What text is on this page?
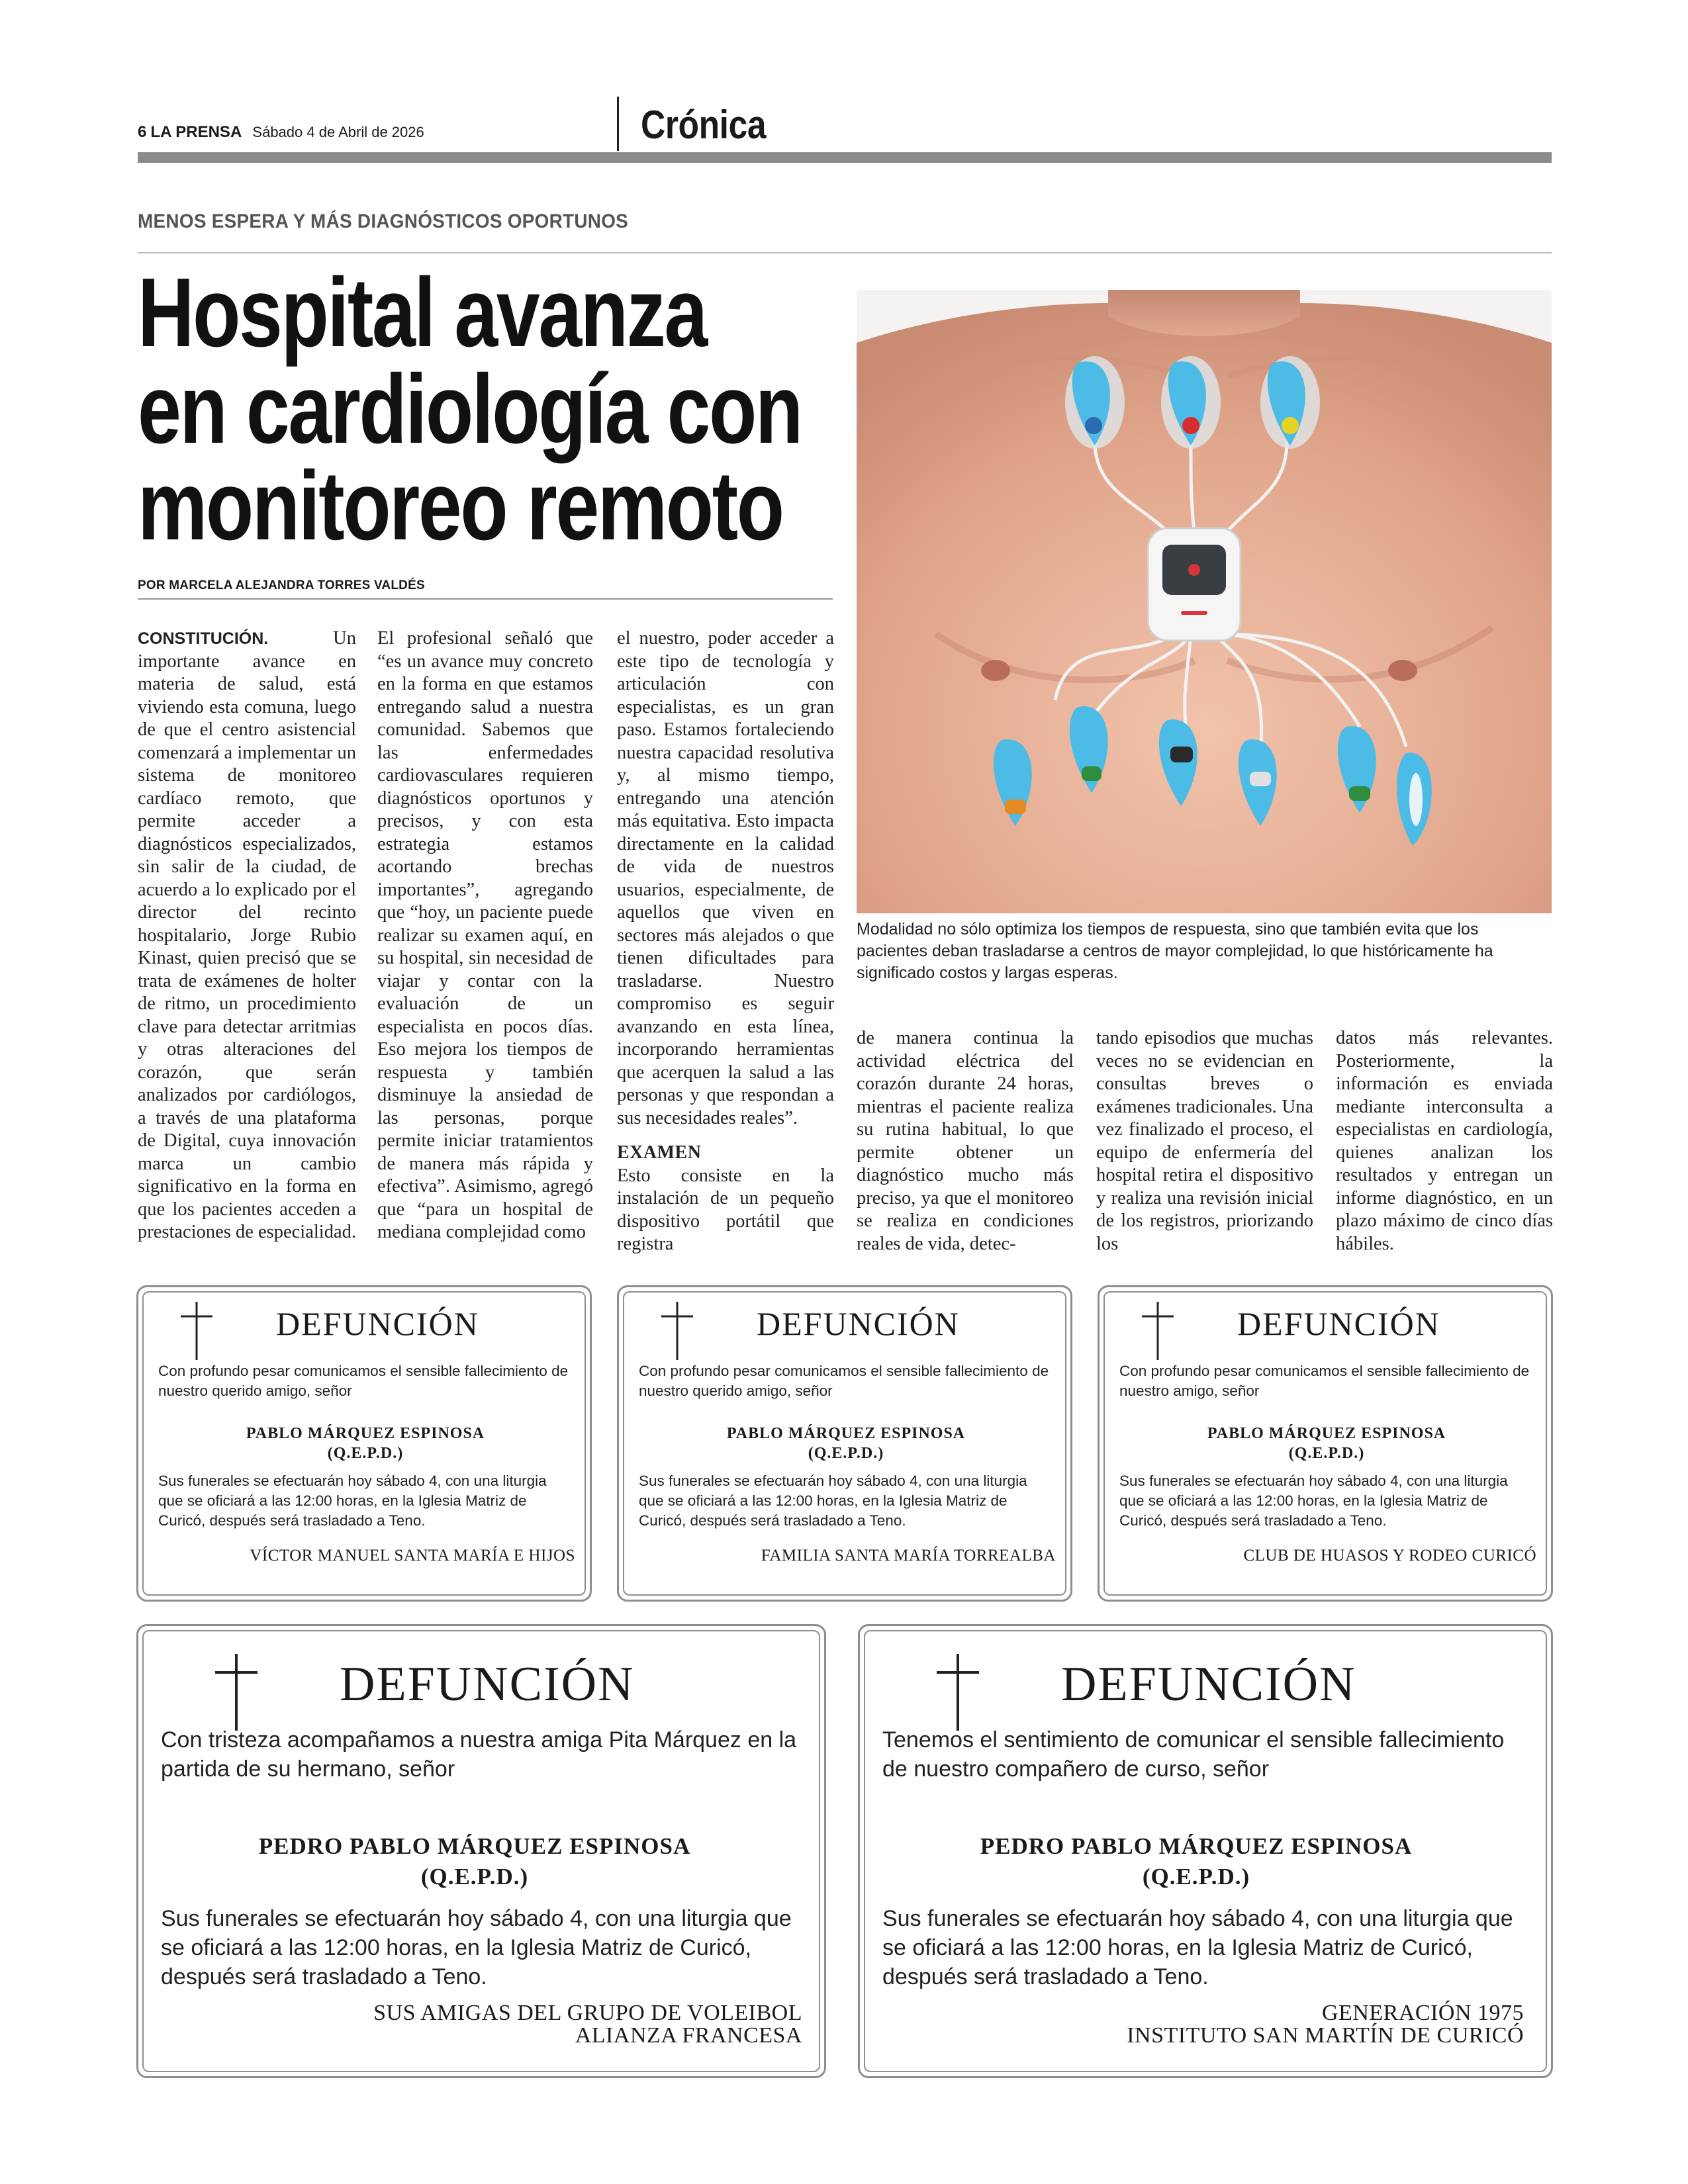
6 LA PRENSA Sábado 4 de Abril de 2026	Crónica
MENOS ESPERA Y MÁS DIAGNÓSTICOS OPORTUNOS
Hospital avanza
en cardiología con
monitoreo remoto
POR MARCELA ALEJANDRA TORRES VALDÉS

CONSTITUCIÓN.	Un importante avance en materia de salud, está viviendo esta comuna, luego de que el centro asistencial comenzará a implementar un sistema de monitoreo cardíaco remoto, que permite acceder a diagnósticos especializados, sin salir de la ciudad, de acuerdo a lo explicado por el director del recinto hospitalario, Jorge Rubio Kinast, quien precisó que se trata de exámenes de holter de ritmo, un procedimiento clave para detectar arritmias y otras alteraciones del corazón, que serán analizados por cardiólogos, a través de una plataforma de Digital, cuya innovación marca un cambio significativo en la forma en que los pacientes acceden a prestaciones de especialidad.

El profesional señaló que “es un avance muy concreto en la forma en que estamos entregando salud a nuestra comunidad. Sabemos que las enfermedades cardiovasculares requieren diagnósticos oportunos y precisos, y con esta estrategia estamos acortando brechas importantes”, agregando que “hoy, un paciente puede realizar su examen aquí, en su hospital, sin necesidad de viajar y contar con la evaluación de un especialista en pocos días. Eso mejora los tiempos de respuesta y también disminuye la ansiedad de las personas, porque permite iniciar tratamientos de manera más rápida y efectiva”. Asimismo, agregó que “para un hospital de mediana complejidad como

el nuestro, poder acceder a este tipo de tecnología y articulación con especialistas, es un gran paso. Estamos fortaleciendo nuestra capacidad resolutiva y, al mismo tiempo, entregando una atención más equitativa. Esto impacta directamente en la calidad de vida de nuestros usuarios, especialmente, de aquellos que viven en sectores más alejados o que tienen dificultades para trasladarse. Nuestro compromiso es seguir avanzando en esta línea, incorporando herramientas que acerquen la salud a las personas y que respondan a sus necesidades reales”.

EXAMEN

Esto consiste en la instalación de un pequeño dispositivo portátil que registra

de manera continua la actividad eléctrica del corazón durante 24 horas, mientras el paciente realiza su rutina habitual, lo que permite obtener un diagnóstico mucho más preciso, ya que el monitoreo se realiza en condiciones reales de vida, detec-

tando episodios que muchas veces no se evidencian en consultas breves o exámenes tradicionales. Una vez finalizado el proceso, el equipo de enfermería del hospital retira el dispositivo y realiza una revisión inicial de los registros, priorizando los

datos más relevantes. Posteriormente, la información es enviada mediante interconsulta a especialistas en cardiología, quienes analizan los resultados y entregan un informe diagnóstico, en un plazo máximo de cinco días hábiles.

Modalidad no sólo optimiza los tiempos de respuesta, sino que también evita que los pacientes deban trasladarse a centros de mayor complejidad, lo que históricamente ha significado costos y largas esperas.
DEFUNCIÓN
Con profundo pesar comunicamos el sensible fallecimiento de nuestro querido amigo, señor
PABLO MÁRQUEZ ESPINOSA
(Q.E.P.D.)
Sus funerales se efectuarán hoy sábado 4, con una liturgia que se oficiará a las 12:00 horas, en la Iglesia Matriz de Curicó, después será trasladado a Teno.
VÍCTOR MANUEL SANTA MARÍA E HIJOS
DEFUNCIÓN
Con profundo pesar comunicamos el sensible fallecimiento de nuestro querido amigo, señor
PABLO MÁRQUEZ ESPINOSA
(Q.E.P.D.)
Sus funerales se efectuarán hoy sábado 4, con una liturgia que se oficiará a las 12:00 horas, en la Iglesia Matriz de Curicó, después será trasladado a Teno.
FAMILIA SANTA MARÍA TORREALBA
DEFUNCIÓN
Con profundo pesar comunicamos el sensible fallecimiento de nuestro amigo, señor
PABLO MÁRQUEZ ESPINOSA
(Q.E.P.D.)
Sus funerales se efectuarán hoy sábado 4, con una liturgia que se oficiará a las 12:00 horas, en la Iglesia Matriz de Curicó, después será trasladado a Teno.
CLUB DE HUASOS Y RODEO CURICÓ
DEFUNCIÓN
Con tristeza acompañamos a nuestra amiga Pita Márquez en la partida de su hermano, señor
PEDRO PABLO MÁRQUEZ ESPINOSA
(Q.E.P.D.)
Sus funerales se efectuarán hoy sábado 4, con una liturgia que se oficiará a las 12:00 horas, en la Iglesia Matriz de Curicó, después será trasladado a Teno.
SUS AMIGAS DEL GRUPO DE VOLEIBOL
ALIANZA FRANCESA
DEFUNCIÓN
Tenemos el sentimiento de comunicar el sensible fallecimiento de nuestro compañero de curso, señor
PEDRO PABLO MÁRQUEZ ESPINOSA
(Q.E.P.D.)
Sus funerales se efectuarán hoy sábado 4, con una liturgia que se oficiará a las 12:00 horas, en la Iglesia Matriz de Curicó, después será trasladado a Teno.
GENERACIÓN 1975
INSTITUTO SAN MARTÍN DE CURICÓ
